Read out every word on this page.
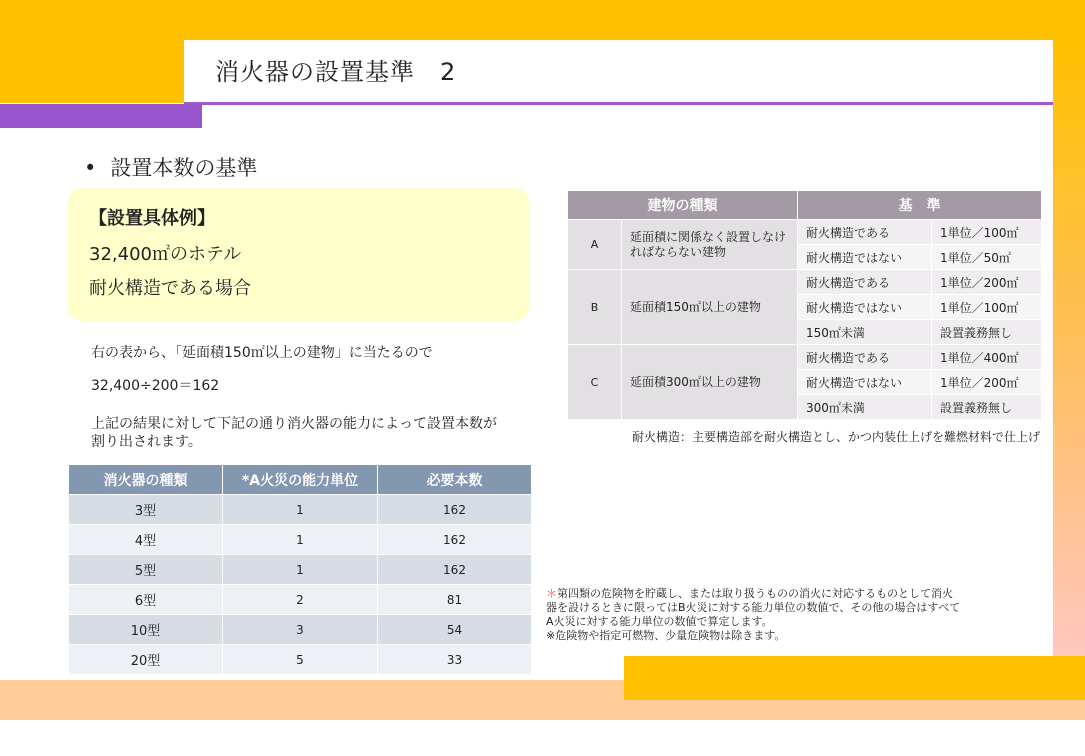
消火器の設置基準　2
• 設置本数の基準
【設置具体例】
32,400㎡のホテル
耐火構造である場合
右の表から、「延面積150㎡以上の建物」に当たるので
32,400÷200＝162
上記の結果に対して下記の通り消火器の能力によって設置本数が割り出されます。
消火器の種類	*A火災の能力単位	必要本数
3型	1	162
4型	1	162
5型	1	162
6型	2	81
10型	3	54
20型	5	33
建物の種類		基　準	
A	延面積に関係なく設置しなければならない建物	耐火構造である	1単位／100㎡
		耐火構造ではない	1単位／50㎡
B	延面積150㎡以上の建物	耐火構造である	1単位／200㎡
		耐火構造ではない	1単位／100㎡
		150㎡未満	設置義務無し
C	延面積300㎡以上の建物	耐火構造である	1単位／400㎡
		耐火構造ではない	1単位／200㎡
		300㎡未満	設置義務無し
耐火構造：主要構造部を耐火構造とし、かつ内装仕上げを難燃材料で仕上げ
＊第四類の危険物を貯蔵し、または取り扱うものの消火に対応するものとして消火
器を設けるときに限ってはB火災に対する能力単位の数値で、その他の場合はすべて
A火災に対する能力単位の数値で算定します。
※危険物や指定可燃物、少量危険物は除きます。
